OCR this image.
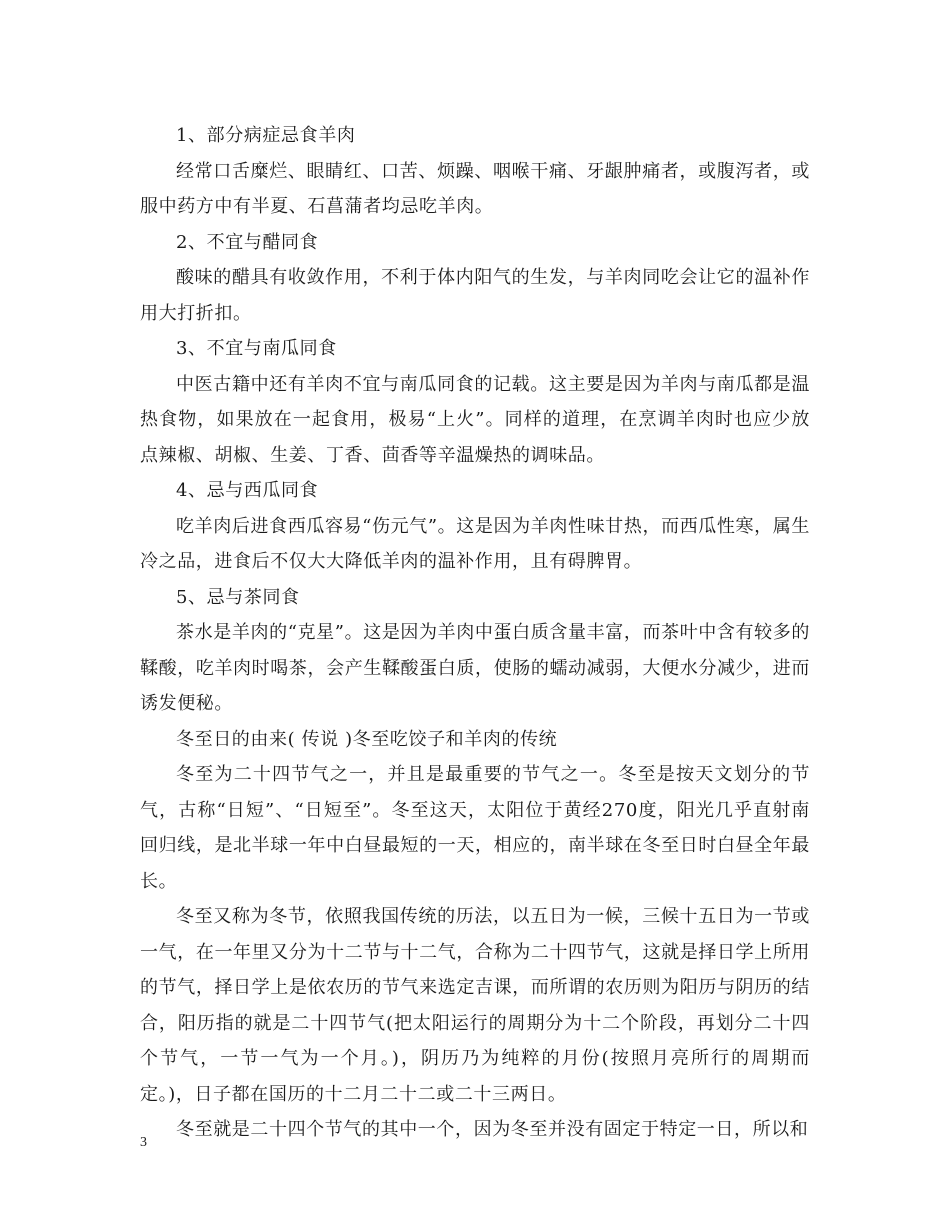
1、部分病症忌食羊肉

经常口舌糜烂、眼睛红、口苦、烦躁、咽喉干痛、牙龈肿痛者，或腹泻者，或服中药方中有半夏、石菖蒲者均忌吃羊肉。

2、不宜与醋同食

酸味的醋具有收敛作用，不利于体内阳气的生发，与羊肉同吃会让它的温补作用大打折扣。

3、不宜与南瓜同食

中医古籍中还有羊肉不宜与南瓜同食的记载。这主要是因为羊肉与南瓜都是温热食物，如果放在一起食用，极易“上火”。同样的道理，在烹调羊肉时也应少放点辣椒、胡椒、生姜、丁香、茴香等辛温燥热的调味品。

4、忌与西瓜同食

吃羊肉后进食西瓜容易“伤元气”。这是因为羊肉性味甘热，而西瓜性寒，属生冷之品，进食后不仅大大降低羊肉的温补作用，且有碍脾胃。

5、忌与茶同食

茶水是羊肉的“克星”。这是因为羊肉中蛋白质含量丰富，而茶叶中含有较多的鞣酸，吃羊肉时喝茶，会产生鞣酸蛋白质，使肠的蠕动减弱，大便水分减少，进而诱发便秘。

冬至日的由来( 传说 )冬至吃饺子和羊肉的传统

冬至为二十四节气之一，并且是最重要的节气之一。冬至是按天文划分的节气，古称“日短”、“日短至”。冬至这天，太阳位于黄经270度，阳光几乎直射南回归线，是北半球一年中白昼最短的一天，相应的，南半球在冬至日时白昼全年最长。

冬至又称为冬节，依照我国传统的历法，以五日为一候，三候十五日为一节或一气，在一年里又分为十二节与十二气，合称为二十四节气，这就是择日学上所用的节气，择日学上是依农历的节气来选定吉课，而所谓的农历则为阳历与阴历的结合，阳历指的就是二十四节气(把太阳运行的周期分为十二个阶段，再划分二十四个节气，一节一气为一个月。)，阴历乃为纯粹的月份(按照月亮所行的周期而定。)，日子都在国历的十二月二十二或二十三两日。

冬至就是二十四个节气的其中一个，因为冬至并没有固定于特定一日，所以和

3
